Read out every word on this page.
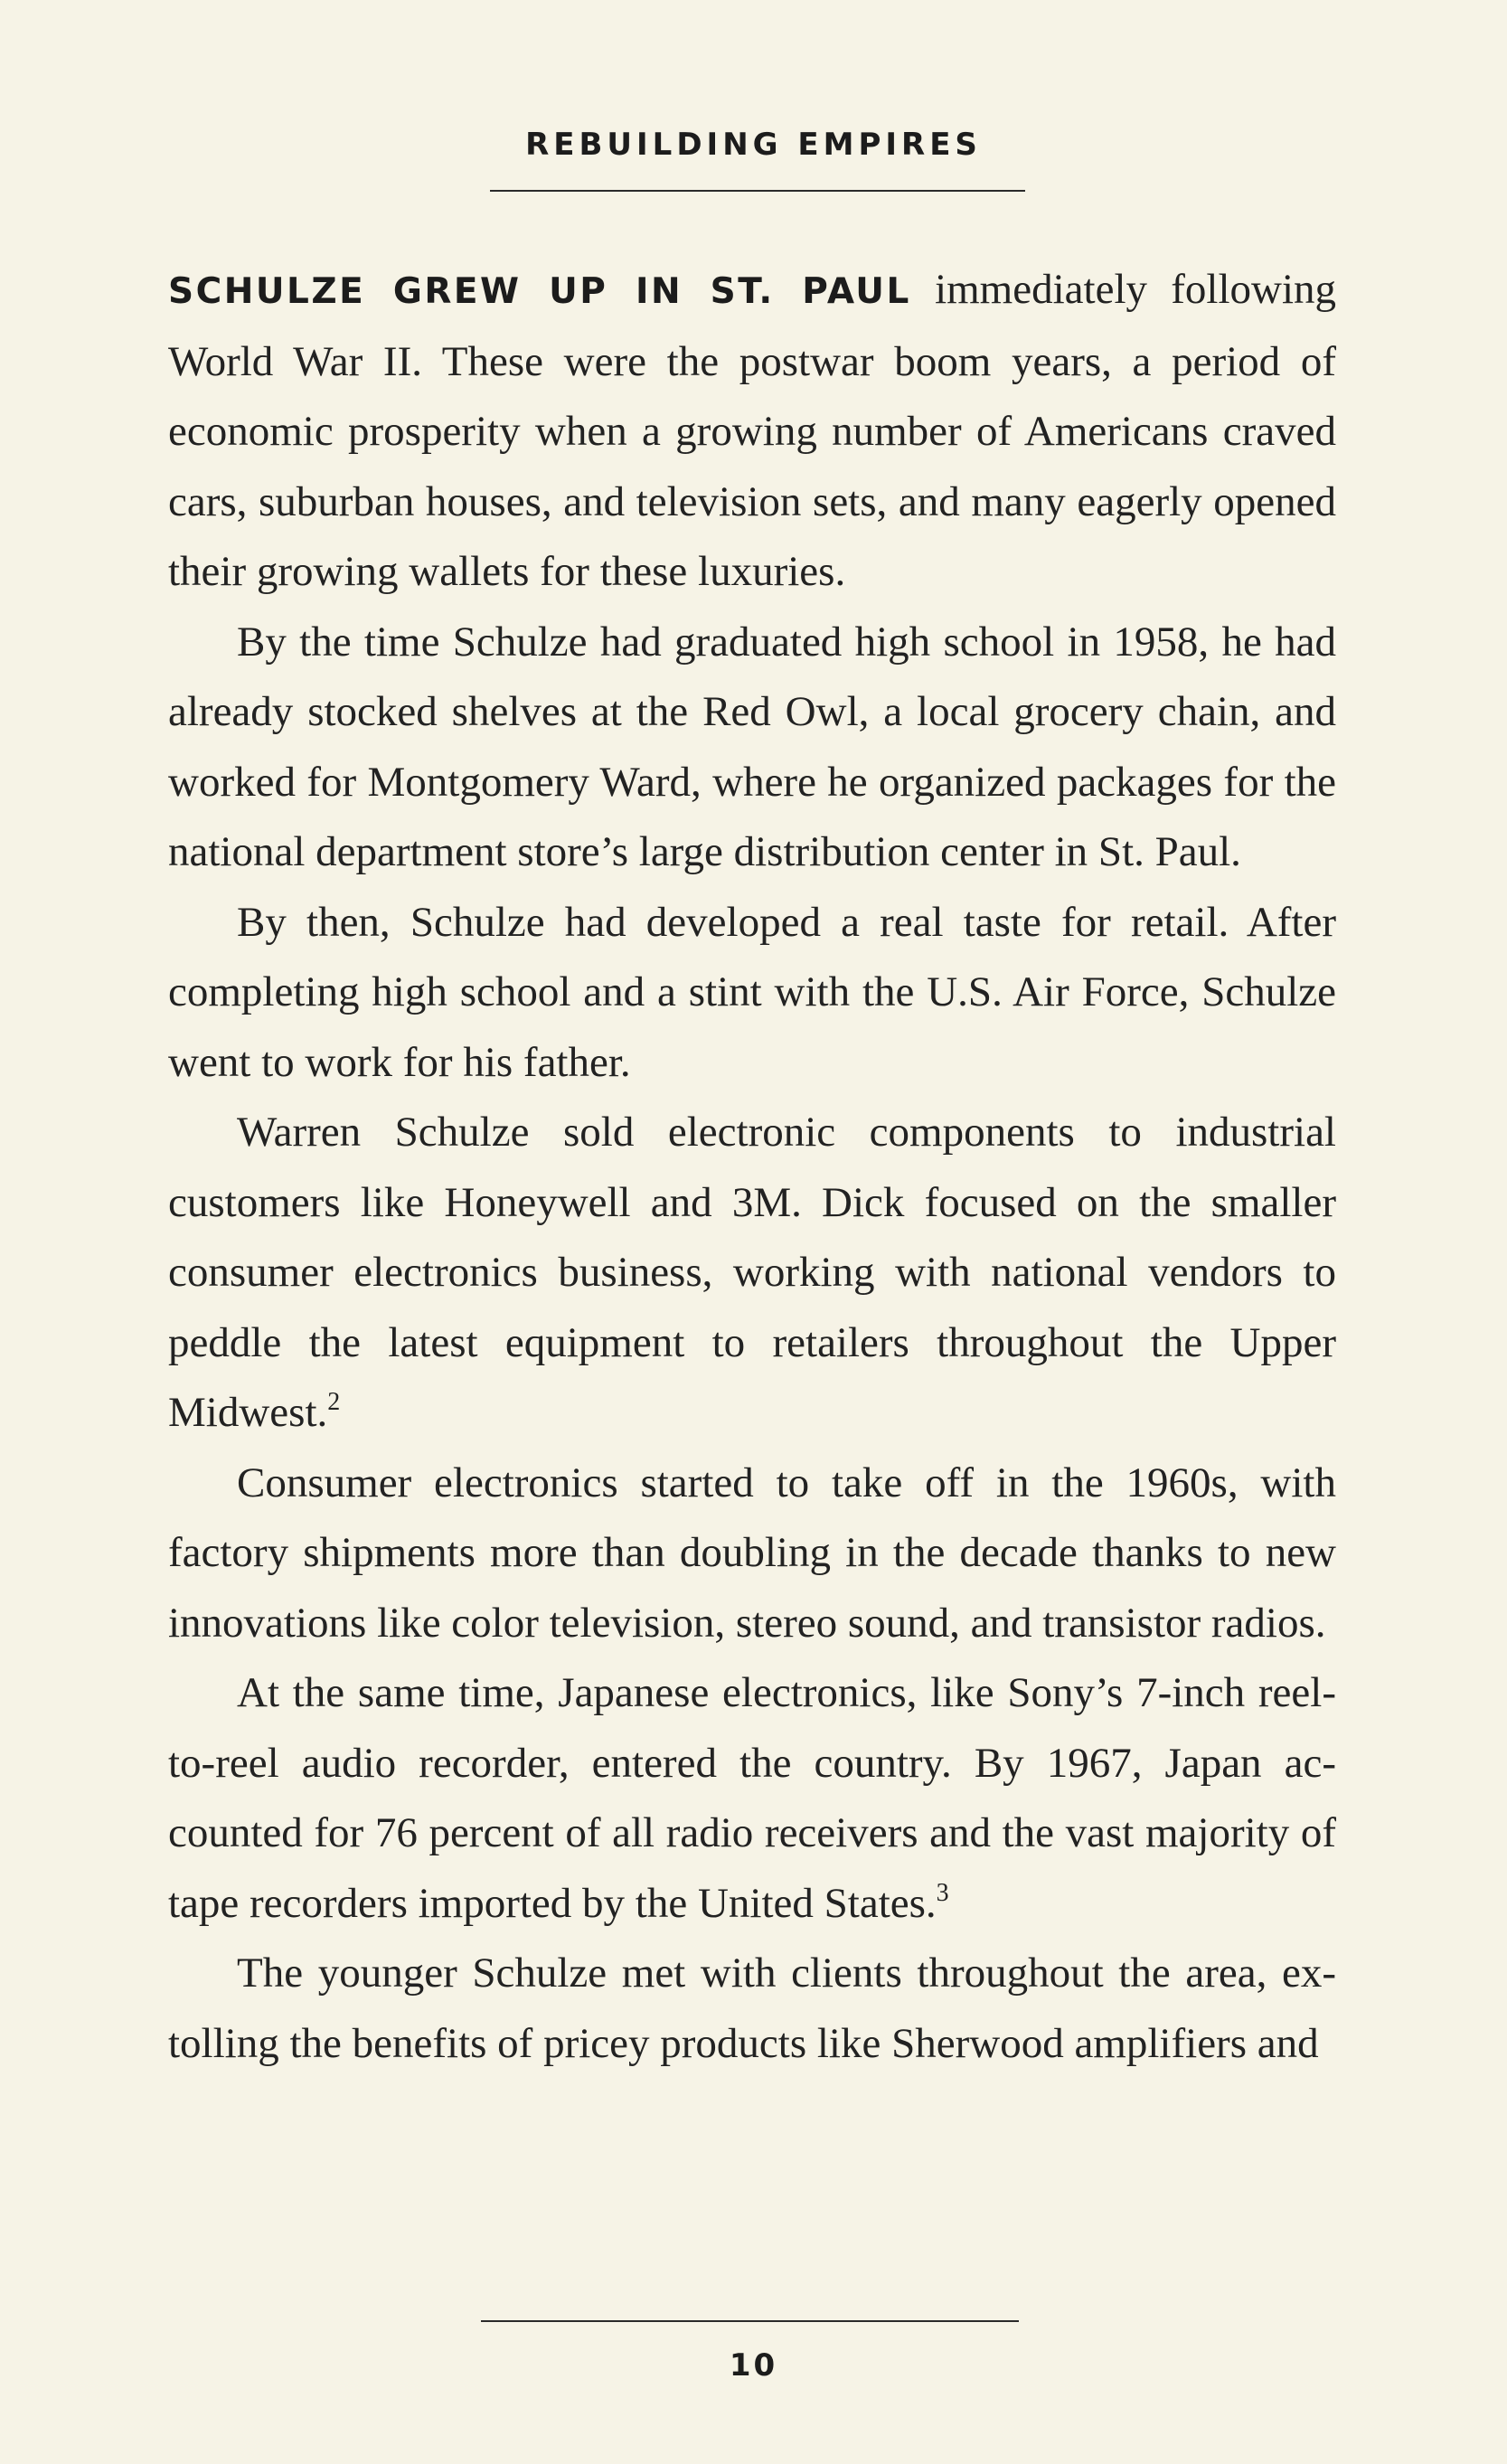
REBUILDING EMPIRES

SCHULZE GREW UP IN ST. PAUL immediately following World War II. These were the postwar boom years, a period of economic prosperity when a growing number of Americans craved cars, suburban houses, and television sets, and many eagerly opened their growing wallets for these luxuries.

By the time Schulze had graduated high school in 1958, he had already stocked shelves at the Red Owl, a local grocery chain, and worked for Montgomery Ward, where he organized packages for the national department store’s large distribution center in St. Paul.

By then, Schulze had developed a real taste for retail. After completing high school and a stint with the U.S. Air Force, Schulze went to work for his father.

Warren Schulze sold electronic components to industrial customers like Honeywell and 3M. Dick focused on the smaller consumer electronics business, working with national vendors to peddle the latest equipment to retailers throughout the Upper Midwest.$^2$

Consumer electronics started to take off in the 1960s, with factory shipments more than doubling in the decade thanks to new innovations like color television, stereo sound, and transistor radios.

At the same time, Japanese electronics, like Sony’s 7-inch reel-to-reel audio recorder, entered the country. By 1967, Japan accounted for 76 percent of all radio receivers and the vast majority of tape recorders imported by the United States.$^3$

The younger Schulze met with clients throughout the area, extolling the benefits of pricey products like Sherwood amplifiers and

10
